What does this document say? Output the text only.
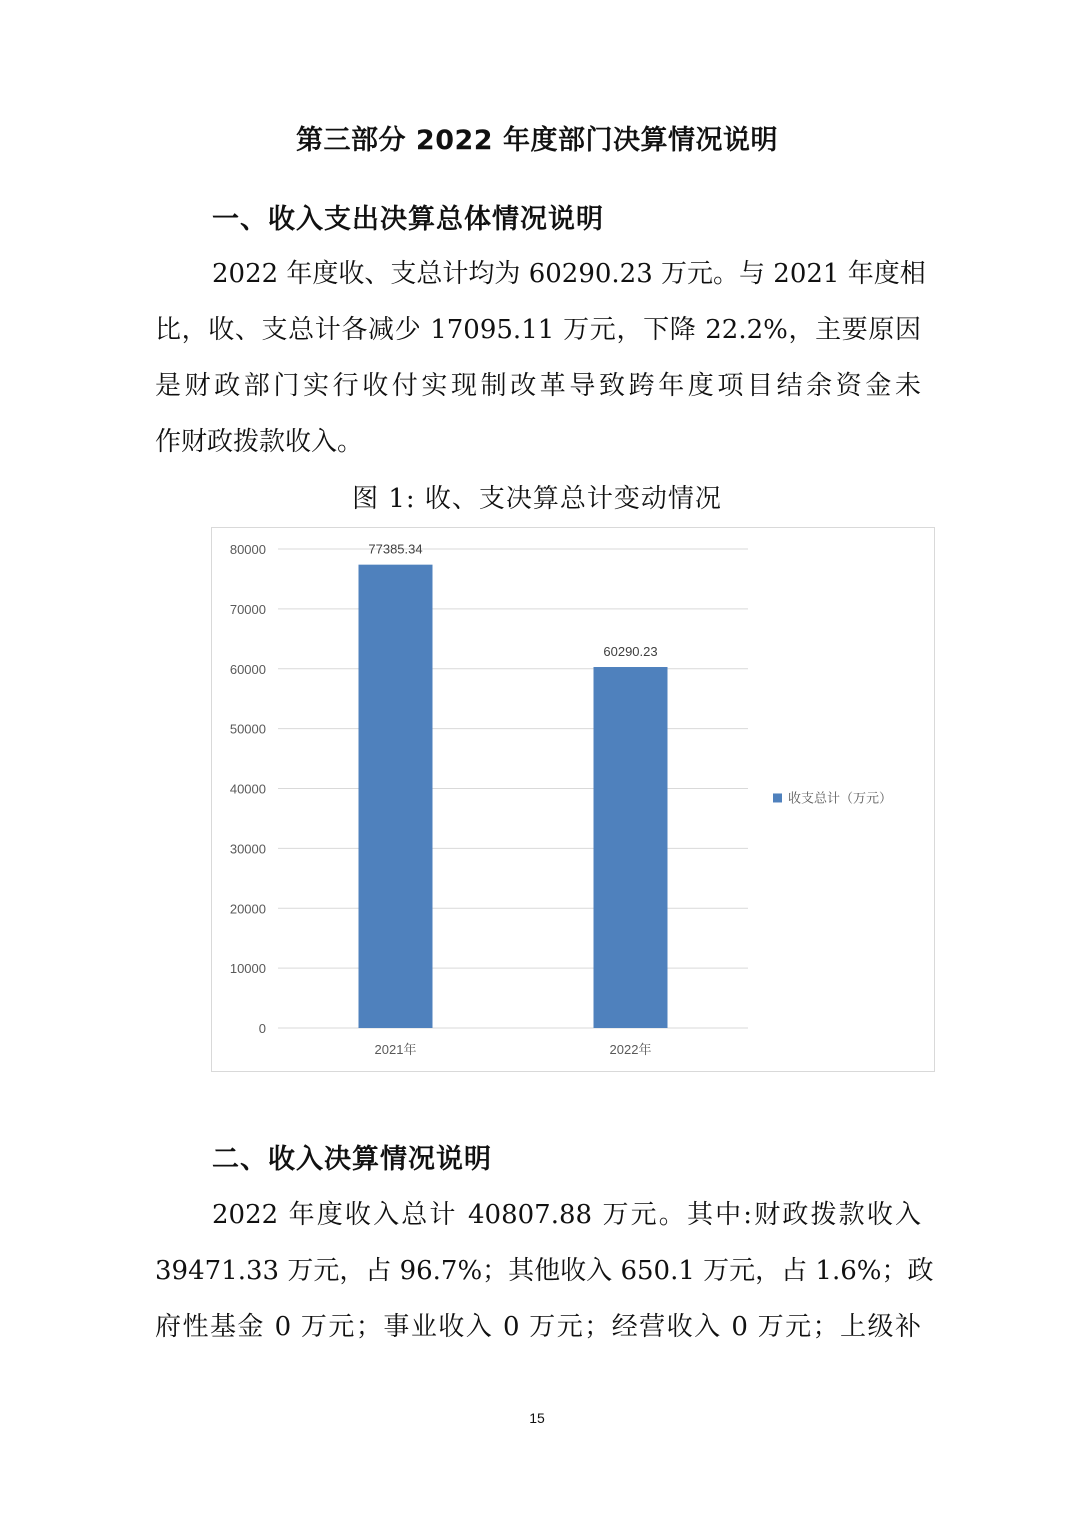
第三部分 2022 年度部门决算情况说明
一、收入支出决算总体情况说明
2022 年度收、支总计均为 60290.23 万元。与 2021 年度相
比，收、支总计各减少 17095.11 万元，下降 22.2%，主要原因
是财政部门实行收付实现制改革导致跨年度项目结余资金未
作财政拨款收入。
图 1: 收、支决算总计变动情况
0
10000
20000
30000
40000
50000
60000
70000
80000	77385.34
2021年
60290.23
2022年
收支总计（万元）
二、收入决算情况说明
2022 年度收入总计 40807.88 万元。其中:财政拨款收入
39471.33 万元，占 96.7%；其他收入 650.1 万元，占 1.6%；政
府性基金 0 万元；事业收入 0 万元；经营收入 0 万元；上级补
15
